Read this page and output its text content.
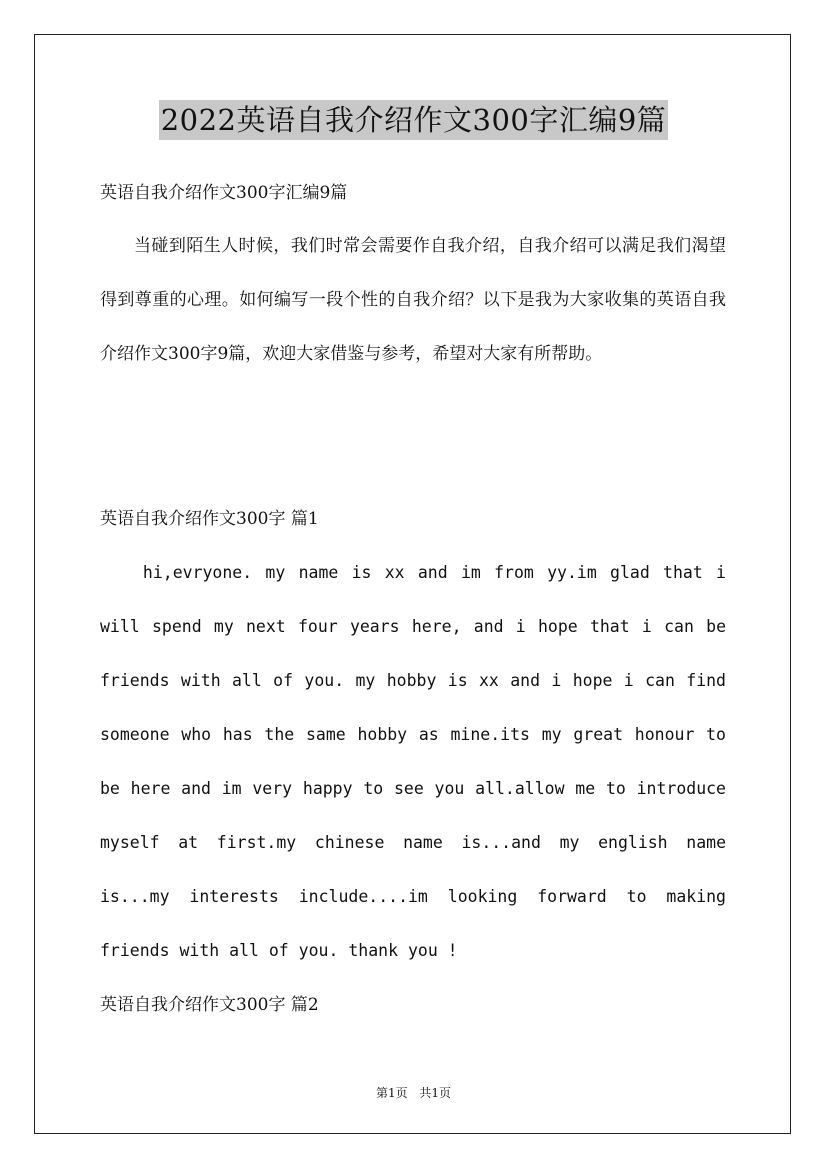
2022英语自我介绍作文300字汇编9篇

英语自我介绍作文300字汇编9篇

当碰到陌生人时候，我们时常会需要作自我介绍，自我介绍可以满足我们渴望得到尊重的心理。如何编写一段个性的自我介绍？以下是我为大家收集的英语自我介绍作文300字9篇，欢迎大家借鉴与参考，希望对大家有所帮助。

英语自我介绍作文300字 篇1

hi,evryone. my name is xx and im from yy.im glad that i will spend my next four years here, and i hope that i can be friends with all of you. my hobby is xx and i hope i can find someone who has the same hobby as mine.its my great honour to be here and im very happy to see you all.allow me to introduce myself at first.my chinese name is...and my english name is...my interests include....im looking forward to making friends with all of you. thank you !

英语自我介绍作文300字 篇2

第1页 共1页
